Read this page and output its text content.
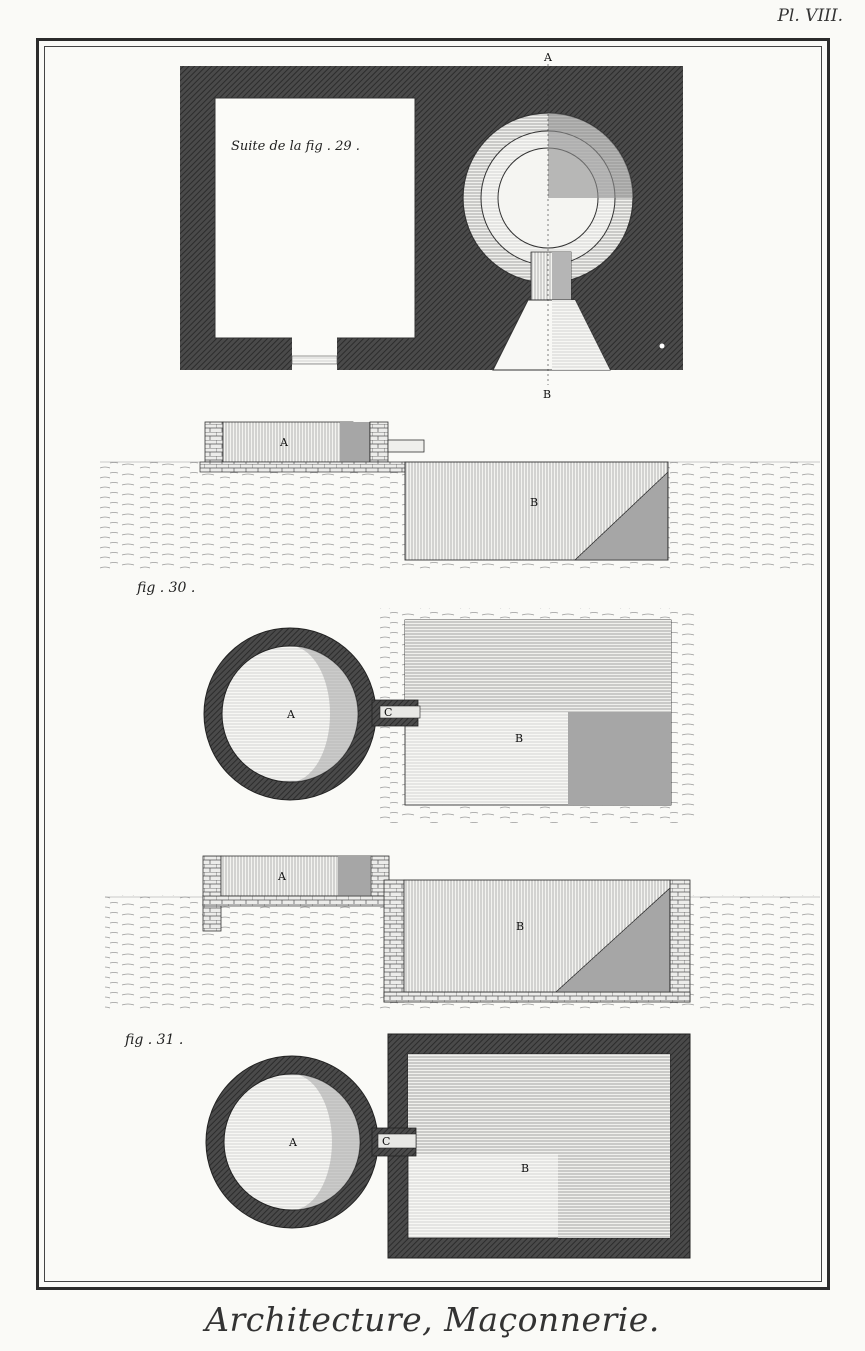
Pl. VIII.
A
B
Suite de la fig . 29 .
A
B
fig . 30 .
A
B
C
A
B
fig . 31 .
A
B
C
Architecture, Maçonnerie.
